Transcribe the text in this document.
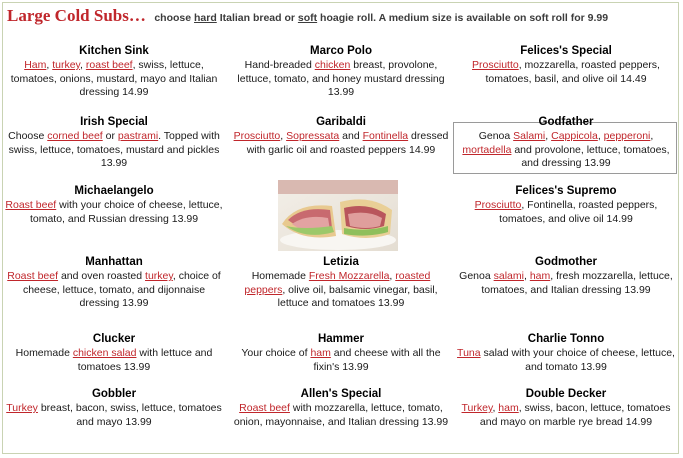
Large Cold Subs… choose hard Italian bread or soft hoagie roll. A medium size is available on soft roll for 9.99
Kitchen Sink
Ham, turkey, roast beef, swiss, lettuce, tomatoes, onions, mustard, mayo and Italian dressing 14.99
Marco Polo
Hand-breaded chicken breast, provolone, lettuce, tomato, and honey mustard dressing 13.99
Felices's Special
Prosciutto, mozzarella, roasted peppers, tomatoes, basil, and olive oil 14.49
Irish Special
Choose corned beef or pastrami. Topped with swiss, lettuce, tomatoes, mustard and pickles 13.99
Garibaldi
Prosciutto, Sopressata and Fontinella dressed with garlic oil and roasted peppers 14.99
Godfather
Genoa Salami, Cappicola, pepperoni, mortadella and provolone, lettuce, tomatoes, and dressing 13.99
Michaelangelo
Roast beef with your choice of cheese, lettuce, tomato, and Russian dressing 13.99
Felices's Supremo
Prosciutto, Fontinella, roasted peppers, tomatoes, and olive oil 14.99
Manhattan
Roast beef and oven roasted turkey, choice of cheese, lettuce, tomato, and dijonnaise dressing 13.99
Letizia
Homemade Fresh Mozzarella, roasted peppers, olive oil, balsamic vinegar, basil, lettuce and tomatoes 13.99
Godmother
Genoa salami, ham, fresh mozzarella, lettuce, tomatoes, and Italian dressing 13.99
Clucker
Homemade chicken salad with lettuce and tomatoes 13.99
Hammer
Your choice of ham and cheese with all the fixin's 13.99
Charlie Tonno
Tuna salad with your choice of cheese, lettuce, and tomato 13.99
Gobbler
Turkey breast, bacon, swiss, lettuce, tomatoes and mayo 13.99
Allen's Special
Roast beef with mozzarella, lettuce, tomato, onion, mayonnaise, and Italian dressing 13.99
Double Decker
Turkey, ham, swiss, bacon, lettuce, tomatoes and mayo on marble rye bread 14.99
